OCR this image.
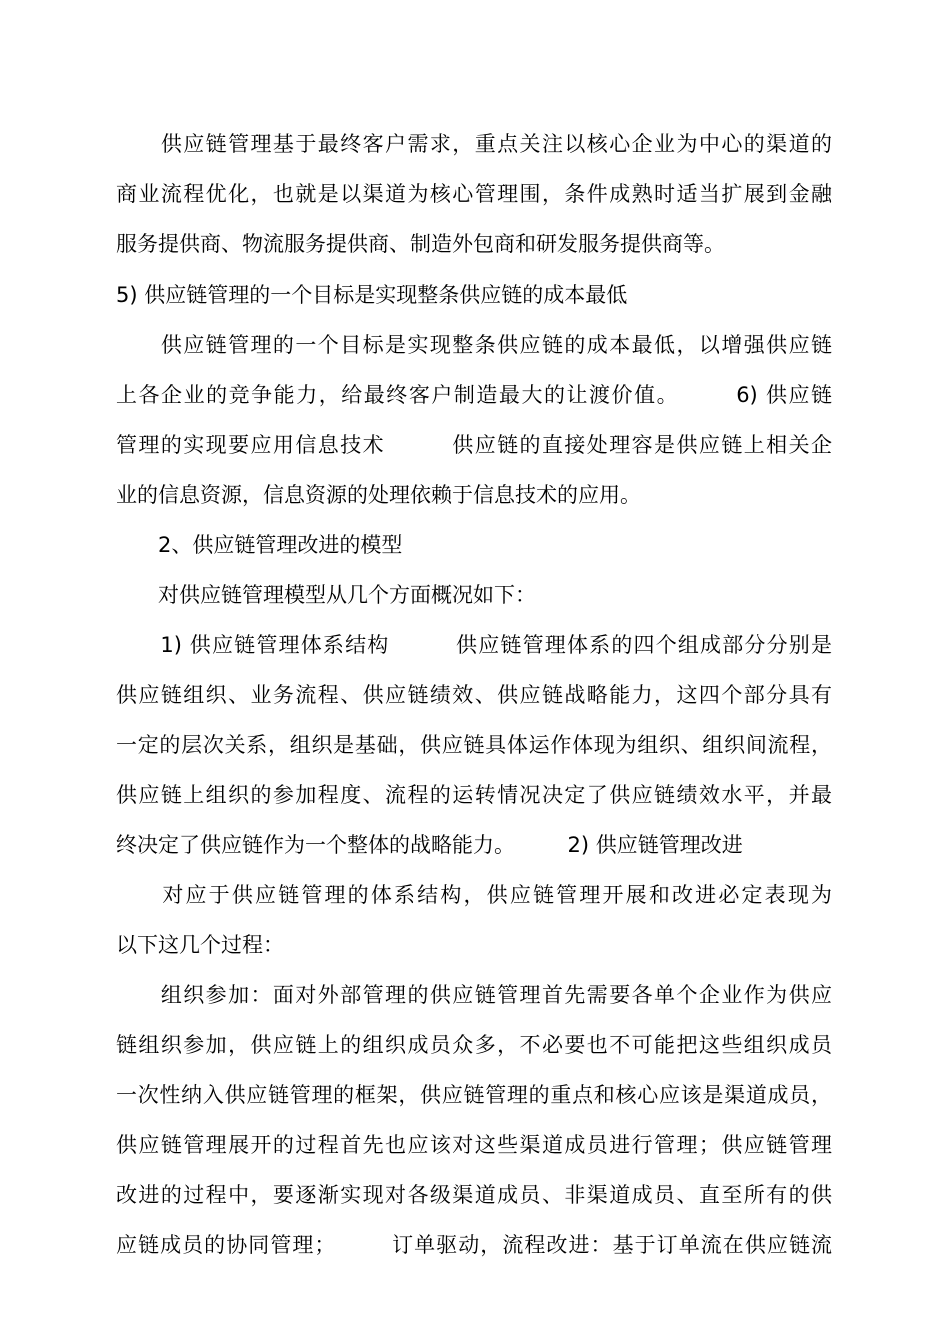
　　供应链管理基于最终客户需求，重点关注以核心企业为中心的渠道的
商业流程优化，也就是以渠道为核心管理围，条件成熟时适当扩展到金融
服务提供商、物流服务提供商、制造外包商和研发服务提供商等。
5) 供应链管理的一个目标是实现整条供应链的成本最低
　　供应链管理的一个目标是实现整条供应链的成本最低，以增强供应链
上各企业的竞争能力，给最终客户制造最大的让渡价值。　　　6) 供应链
管理的实现要应用信息技术　　　供应链的直接处理容是供应链上相关企
业的信息资源，信息资源的处理依赖于信息技术的应用。
　　2、供应链管理改进的模型
　　对供应链管理模型从几个方面概况如下：
　　1) 供应链管理体系结构　　　供应链管理体系的四个组成部分分别是
供应链组织、业务流程、供应链绩效、供应链战略能力，这四个部分具有
一定的层次关系，组织是基础，供应链具体运作体现为组织、组织间流程，
供应链上组织的参加程度、流程的运转情况决定了供应链绩效水平，并最
终决定了供应链作为一个整体的战略能力。　　　2) 供应链管理改进
　　对应于供应链管理的体系结构，供应链管理开展和改进必定表现为
以下这几个过程：
　　组织参加：面对外部管理的供应链管理首先需要各单个企业作为供应
链组织参加，供应链上的组织成员众多，不必要也不可能把这些组织成员
一次性纳入供应链管理的框架，供应链管理的重点和核心应该是渠道成员，
供应链管理展开的过程首先也应该对这些渠道成员进行管理；供应链管理
改进的过程中，要逐渐实现对各级渠道成员、非渠道成员、直至所有的供
应链成员的协同管理；　　　订单驱动，流程改进：基于订单流在供应链流
